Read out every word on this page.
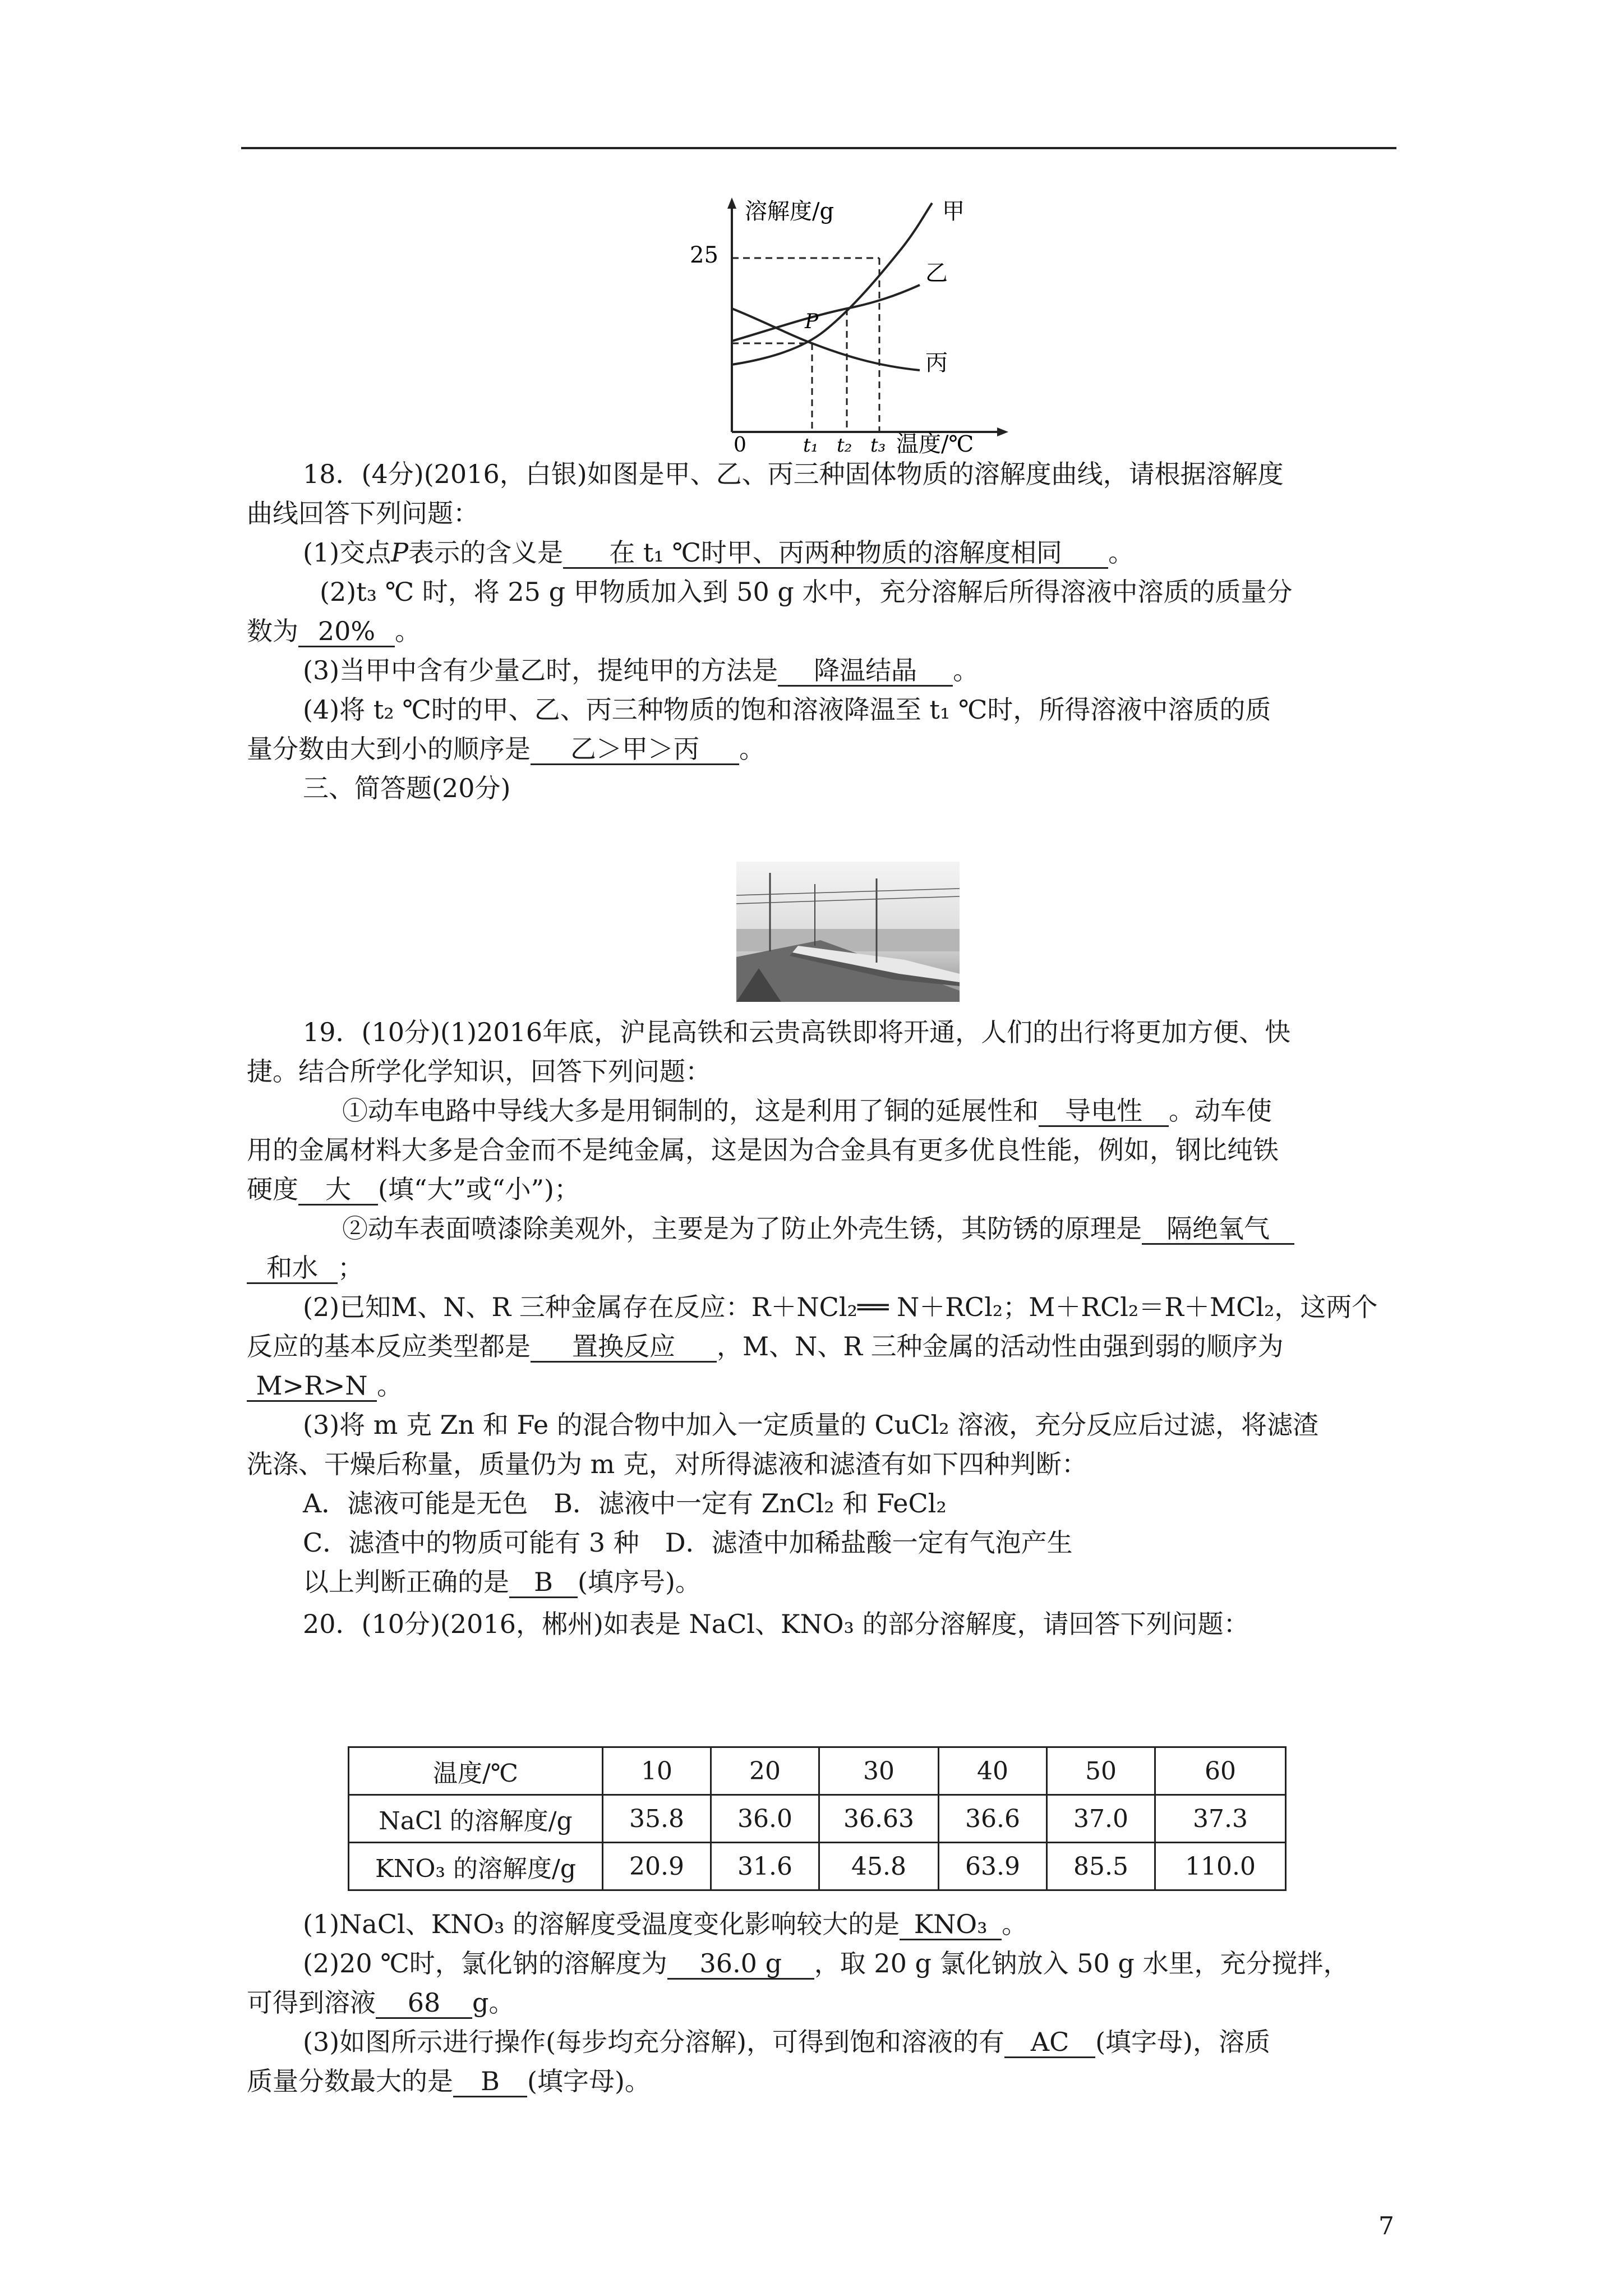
溶解度/g
25
0	t₁ t₂ t₃ 温度/℃
P
甲
乙
丙
18．(4分)(2016，白银)如图是甲、乙、丙三种固体物质的溶解度曲线，请根据溶解度
曲线回答下列问题：
(1)交点P表示的含义是 在 t₁ ℃时甲、丙两种物质的溶解度相同 。
(2)t₃ ℃ 时，将 25 g 甲物质加入到 50 g 水中，充分溶解后所得溶液中溶质的质量分
数为 20% 。
(3)当甲中含有少量乙时，提纯甲的方法是 降温结晶 。
(4)将 t₂ ℃时的甲、乙、丙三种物质的饱和溶液降温至 t₁ ℃时，所得溶液中溶质的质
量分数由大到小的顺序是 乙＞甲＞丙 。
三、简答题(20分)
19．(10分)(1)2016年底，沪昆高铁和云贵高铁即将开通，人们的出行将更加方便、快
捷。结合所学化学知识，回答下列问题：
①动车电路中导线大多是用铜制的，这是利用了铜的延展性和 导电性 。动车使
用的金属材料大多是合金而不是纯金属，这是因为合金具有更多优良性能，例如，钢比纯铁
硬度 大 (填“大”或“小”)；
②动车表面喷漆除美观外，主要是为了防止外壳生锈，其防锈的原理是 隔绝氧气
和水 ；
(2)已知M、N、R 三种金属存在反应：R＋NCl₂══ N＋RCl₂；M＋RCl₂＝R＋MCl₂，这两个
反应的基本反应类型都是 置换反应 ，M、N、R 三种金属的活动性由强到弱的顺序为
M>R>N 。
(3)将 m 克 Zn 和 Fe 的混合物中加入一定质量的 CuCl₂ 溶液，充分反应后过滤，将滤渣
洗涤、干燥后称量，质量仍为 m 克，对所得滤液和滤渣有如下四种判断：
A．滤液可能是无色　B．滤液中一定有 ZnCl₂ 和 FeCl₂
C．滤渣中的物质可能有 3 种　D．滤渣中加稀盐酸一定有气泡产生
以上判断正确的是 B (填序号)。
20．(10分)(2016，郴州)如表是 NaCl、KNO₃ 的部分溶解度，请回答下列问题：
温度/℃	10	20	30	40	50	60
NaCl 的溶解度/g	35.8	36.0	36.63	36.6	37.0	37.3
KNO₃ 的溶解度/g	20.9	31.6	45.8	63.9	85.5	110.0
(1)NaCl、KNO₃ 的溶解度受温度变化影响较大的是 KNO₃ 。
(2)20 ℃时，氯化钠的溶解度为 36.0 g ，取 20 g 氯化钠放入 50 g 水里，充分搅拌，
可得到溶液 68 g。
(3)如图所示进行操作(每步均充分溶解)，可得到饱和溶液的有 AC (填字母)，溶质
质量分数最大的是 B (填字母)。
7
